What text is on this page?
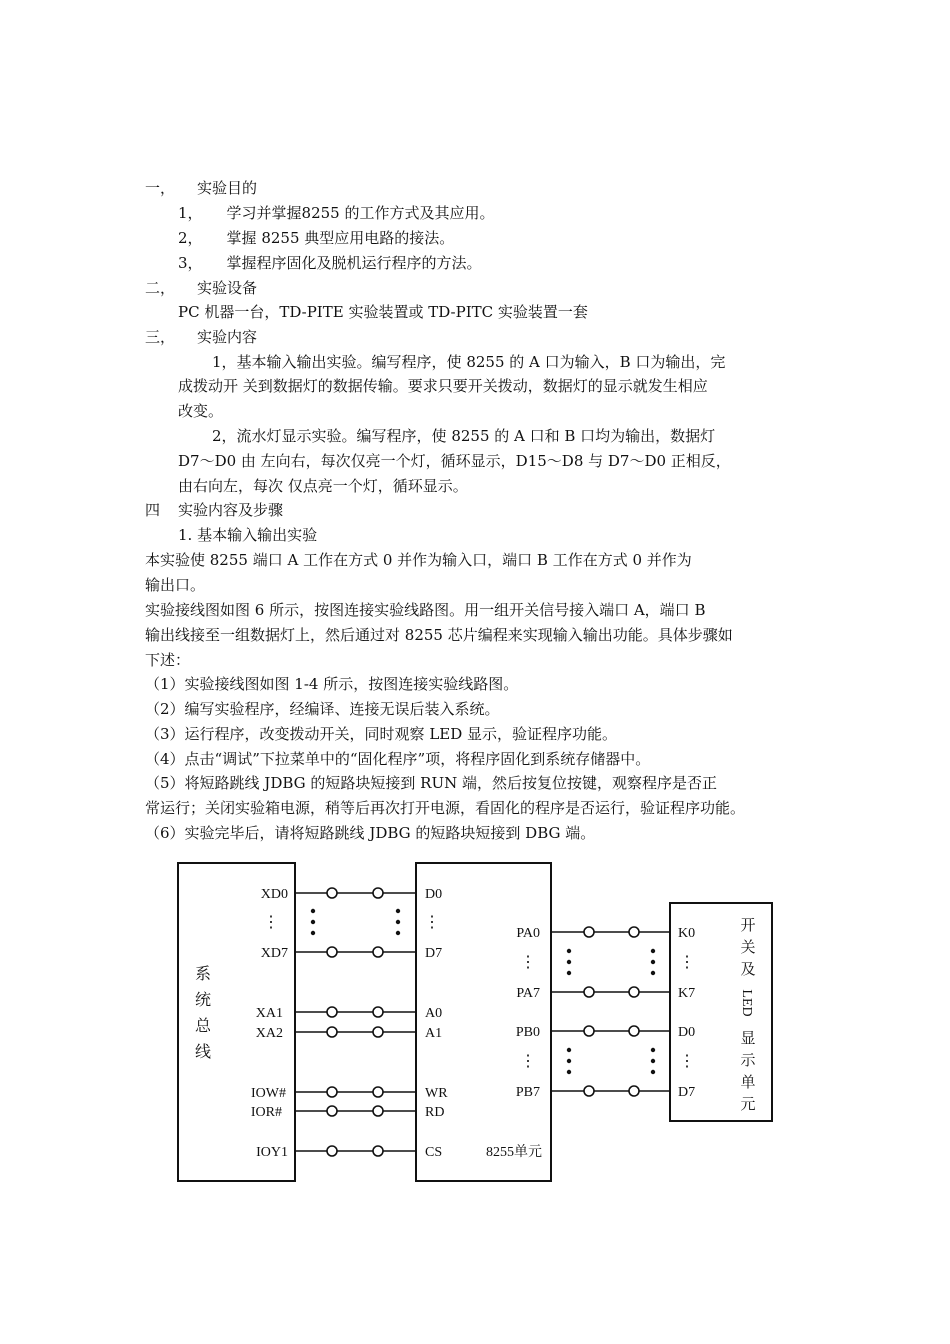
一， 实验目的
1， 学习并掌握8255 的工作方式及其应用。
2， 掌握 8255 典型应用电路的接法。
3， 掌握程序固化及脱机运行程序的方法。
二， 实验设备
PC 机器一台，TD-PITE 实验装置或 TD-PITC 实验装置一套
三， 实验内容
1，基本输入输出实验。编写程序，使 8255 的 A 口为输入，B 口为输出，完
成拨动开 关到数据灯的数据传输。要求只要开关拨动，数据灯的显示就发生相应
改变。
2，流水灯显示实验。编写程序，使 8255 的 A 口和 B 口均为输出，数据灯
D7～D0 由 左向右，每次仅亮一个灯，循环显示，D15～D8 与 D7～D0 正相反，
由右向左，每次 仅点亮一个灯，循环显示。
四 实验内容及步骤
1. 基本输入输出实验
本实验使 8255 端口 A 工作在方式 0 并作为输入口，端口 B 工作在方式 0 并作为
输出口。
实验接线图如图 6 所示，按图连接实验线路图。用一组开关信号接入端口 A，端口 B
输出线接至一组数据灯上，然后通过对 8255 芯片编程来实现输入输出功能。具体步骤如
下述：
（1）实验接线图如图 1-4 所示，按图连接实验线路图。
（2）编写实验程序，经编译、连接无误后装入系统。
（3）运行程序，改变拨动开关，同时观察 LED 显示，验证程序功能。
（4）点击“调试”下拉菜单中的“固化程序”项，将程序固化到系统存储器中。
（5）将短路跳线 JDBG 的短路块短接到 RUN 端，然后按复位按键，观察程序是否正
常运行；关闭实验箱电源，稍等后再次打开电源，看固化的程序是否运行，验证程序功能。
（6）实验完毕后，请将短路跳线 JDBG 的短路块短接到 DBG 端。
系
统
总
线
XD0
⋮
XD7
XA1
XA2
IOW#
IOR#
IOY1
D0
⋮
D7
A0
A1
WR
RD
CS
PA0
⋮
PA7
PB0
⋮
PB7
8255单元
K0
⋮
K7
D0
⋮
D7
开
关
及
LED
显
示
单
元
